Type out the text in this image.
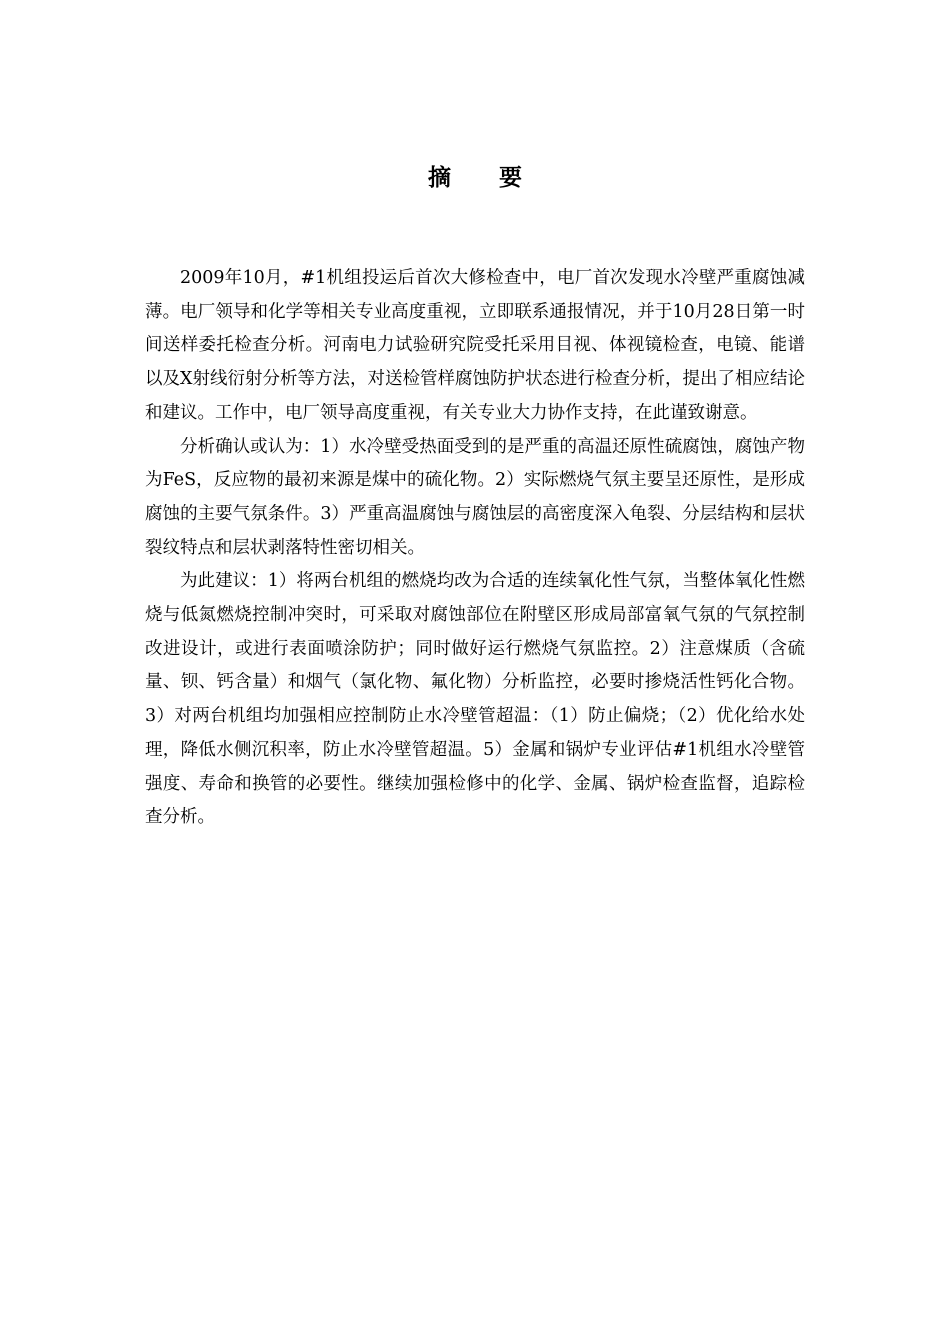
摘 要

2009年10月，#1机组投运后首次大修检查中，电厂首次发现水冷壁严重腐蚀减薄。电厂领导和化学等相关专业高度重视，立即联系通报情况，并于10月28日第一时间送样委托检查分析。河南电力试验研究院受托采用目视、体视镜检查，电镜、能谱以及X射线衍射分析等方法，对送检管样腐蚀防护状态进行检查分析，提出了相应结论和建议。工作中，电厂领导高度重视，有关专业大力协作支持，在此谨致谢意。

分析确认或认为：1）水冷壁受热面受到的是严重的高温还原性硫腐蚀，腐蚀产物为FeS，反应物的最初来源是煤中的硫化物。2）实际燃烧气氛主要呈还原性，是形成腐蚀的主要气氛条件。3）严重高温腐蚀与腐蚀层的高密度深入龟裂、分层结构和层状裂纹特点和层状剥落特性密切相关。

为此建议：1）将两台机组的燃烧均改为合适的连续氧化性气氛，当整体氧化性燃烧与低氮燃烧控制冲突时，可采取对腐蚀部位在附壁区形成局部富氧气氛的气氛控制改进设计，或进行表面喷涂防护；同时做好运行燃烧气氛监控。2）注意煤质（含硫量、钡、钙含量）和烟气（氯化物、氟化物）分析监控，必要时掺烧活性钙化合物。3）对两台机组均加强相应控制防止水冷壁管超温：（1）防止偏烧；（2）优化给水处理，降低水侧沉积率，防止水冷壁管超温。5）金属和锅炉专业评估#1机组水冷壁管强度、寿命和换管的必要性。继续加强检修中的化学、金属、锅炉检查监督，追踪检查分析。
